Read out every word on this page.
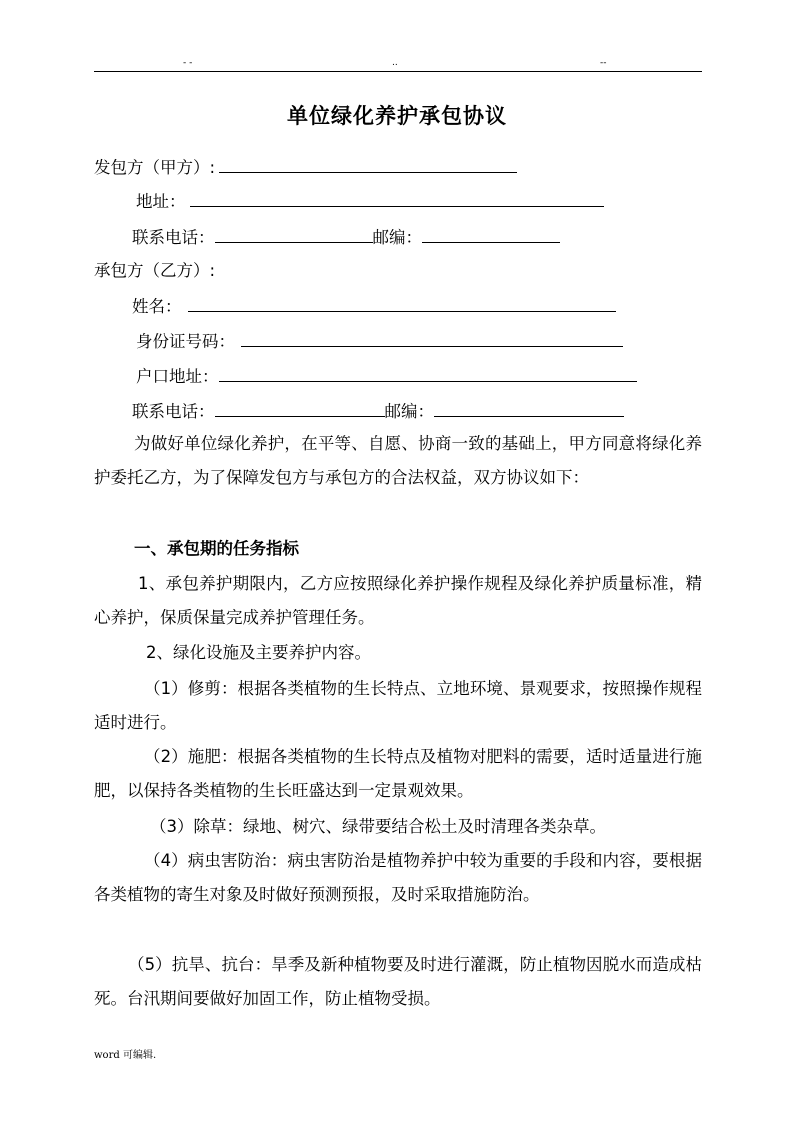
- -	..	--
单位绿化养护承包协议
发包方（甲方）:
地址：
联系电话：	邮编：
承包方（乙方）:
姓名：
身份证号码：
户口地址：
联系电话：	邮编：
为做好单位绿化养护，在平等、自愿、协商一致的基础上，甲方同意将绿化养护委托乙方，为了保障发包方与承包方的合法权益，双方协议如下：
一、承包期的任务指标
1、承包养护期限内，乙方应按照绿化养护操作规程及绿化养护质量标准，精心养护，保质保量完成养护管理任务。
2、绿化设施及主要养护内容。
（1）修剪：根据各类植物的生长特点、立地环境、景观要求，按照操作规程适时进行。
（2）施肥：根据各类植物的生长特点及植物对肥料的需要，适时适量进行施肥，以保持各类植物的生长旺盛达到一定景观效果。
（3）除草：绿地、树穴、绿带要结合松土及时清理各类杂草。
（4）病虫害防治：病虫害防治是植物养护中较为重要的手段和内容，要根据各类植物的寄生对象及时做好预测预报，及时采取措施防治。
（5）抗旱、抗台：旱季及新种植物要及时进行灌溉，防止植物因脱水而造成枯死。台汛期间要做好加固工作，防止植物受损。
word 可编辑.
